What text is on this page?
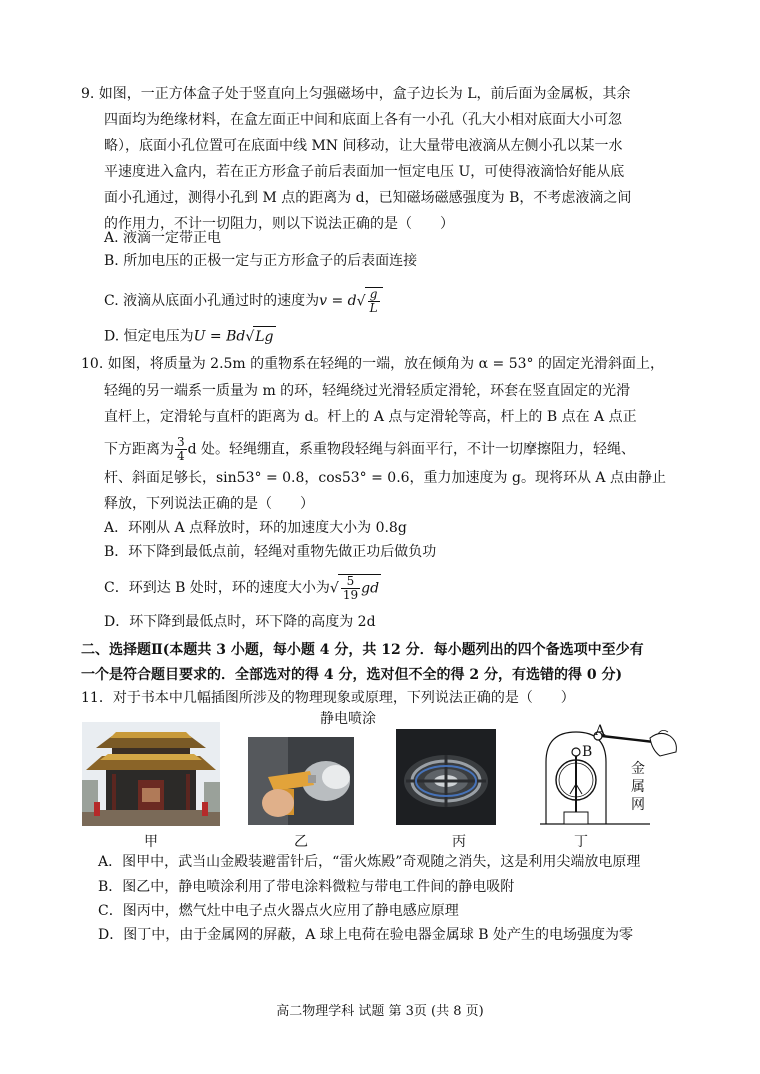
9. 如图，一正方体盒子处于竖直向上匀强磁场中，盒子边长为 L，前后面为金属板，其余
四面均为绝缘材料，在盒左面正中间和底面上各有一小孔（孔大小相对底面大小可忽
略），底面小孔位置可在底面中线 MN 间移动，让大量带电液滴从左侧小孔以某一水
平速度进入盒内，若在正方形盒子前后表面加一恒定电压 U，可使得液滴恰好能从底
面小孔通过，测得小孔到 M 点的距离为 d，已知磁场磁感强度为 B，不考虑液滴之间
的作用力，不计一切阻力，则以下说法正确的是（　　）
A. 液滴一定带正电
B. 所加电压的正极一定与正方形盒子的后表面连接
C. 液滴从底面小孔通过时的速度为$v = d√ \frac{g}{L}$
D. 恒定电压为U = Bd√Lg
10. 如图，将质量为 2.5m 的重物系在轻绳的一端，放在倾角为 α = 53° 的固定光滑斜面上，
轻绳的另一端系一质量为 m 的环，轻绳绕过光滑轻质定滑轮，环套在竖直固定的光滑
直杆上，定滑轮与直杆的距离为 d。杆上的 A 点与定滑轮等高，杆上的 B 点在 A 点正
下方距离为 $\frac{3}{4}$ d 处。轻绳绷直，系重物段轻绳与斜面平行，不计一切摩擦阻力，轻绳、
杆、斜面足够长，sin53° = 0.8，cos53° = 0.6，重力加速度为 g。现将环从 A 点由静止
释放，下列说法正确的是（　　）
A．环刚从 A 点释放时，环的加速度大小为 0.8g
B．环下降到最低点前，轻绳对重物先做正功后做负功
C．环到达 B 处时，环的速度大小为√ $\frac{5}{19}$ gd
D．环下降到最低点时，环下降的高度为 2d
二、选择题Ⅱ(本题共 3 小题，每小题 4 分，共 12 分．每小题列出的四个备选项中至少有
一个是符合题目要求的．全部选对的得 4 分，选对但不全的得 2 分，有选错的得 0 分)
11．对于书本中几幅插图所涉及的物理现象或原理，下列说法正确的是（　　）
静电喷涂
A
B
金
属
网
甲	乙	丙	丁
A．图甲中，武当山金殿装避雷针后，“雷火炼殿”奇观随之消失，这是利用尖端放电原理
B．图乙中，静电喷涂利用了带电涂料微粒与带电工件间的静电吸附
C．图丙中，燃气灶中电子点火器点火应用了静电感应原理
D．图丁中，由于金属网的屏蔽，A 球上电荷在验电器金属球 B 处产生的电场强度为零
高二物理学科 试题 第 3页 (共 8 页)
